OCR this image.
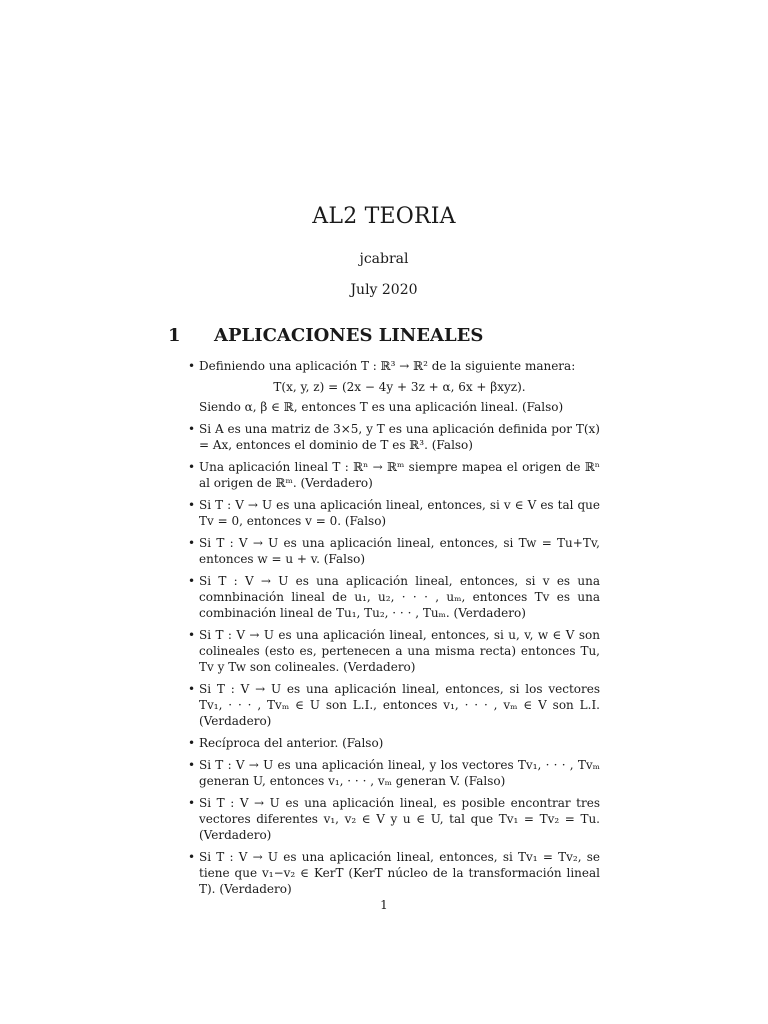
AL2 TEORIA
jcabral
July 2020
1 APLICACIONES LINEALES
• Definiendo una aplicación T : ℝ³ → ℝ² de la siguiente manera:
T(x, y, z) = (2x − 4y + 3z + α, 6x + βxyz).
Siendo α, β ∈ ℝ, entonces T es una aplicación lineal. (Falso)
• Si A es una matriz de 3×5, y T es una aplicación definida por T(x) = Ax, entonces el dominio de T es ℝ³. (Falso)
• Una aplicación lineal T : ℝⁿ → ℝᵐ siempre mapea el origen de ℝⁿ al origen de ℝᵐ. (Verdadero)
• Si T : V → U es una aplicación lineal, entonces, si v ∈ V es tal que Tv = 0, entonces v = 0. (Falso)
• Si T : V → U es una aplicación lineal, entonces, si Tw = Tu+Tv, entonces w = u + v. (Falso)
• Si T : V → U es una aplicación lineal, entonces, si v es una comnbinación lineal de u₁, u₂, · · · , uₘ, entonces Tv es una combinación lineal de Tu₁, Tu₂, · · · , Tuₘ. (Verdadero)
• Si T : V → U es una aplicación lineal, entonces, si u, v, w ∈ V son colineales (esto es, pertenecen a una misma recta) entonces Tu, Tv y Tw son colineales. (Verdadero)
• Si T : V → U es una aplicación lineal, entonces, si los vectores Tv₁, · · · , Tvₘ ∈ U son L.I., entonces v₁, · · · , vₘ ∈ V son L.I. (Verdadero)
• Recíproca del anterior. (Falso)
• Si T : V → U es una aplicación lineal, y los vectores Tv₁, · · · , Tvₘ generan U, entonces v₁, · · · , vₘ generan V. (Falso)
• Si T : V → U es una aplicación lineal, es posible encontrar tres vectores diferentes v₁, v₂ ∈ V y u ∈ U, tal que Tv₁ = Tv₂ = Tu. (Verdadero)
• Si T : V → U es una aplicación lineal, entonces, si Tv₁ = Tv₂, se tiene que v₁−v₂ ∈ KerT (KerT núcleo de la transformación lineal T). (Verdadero)
1
